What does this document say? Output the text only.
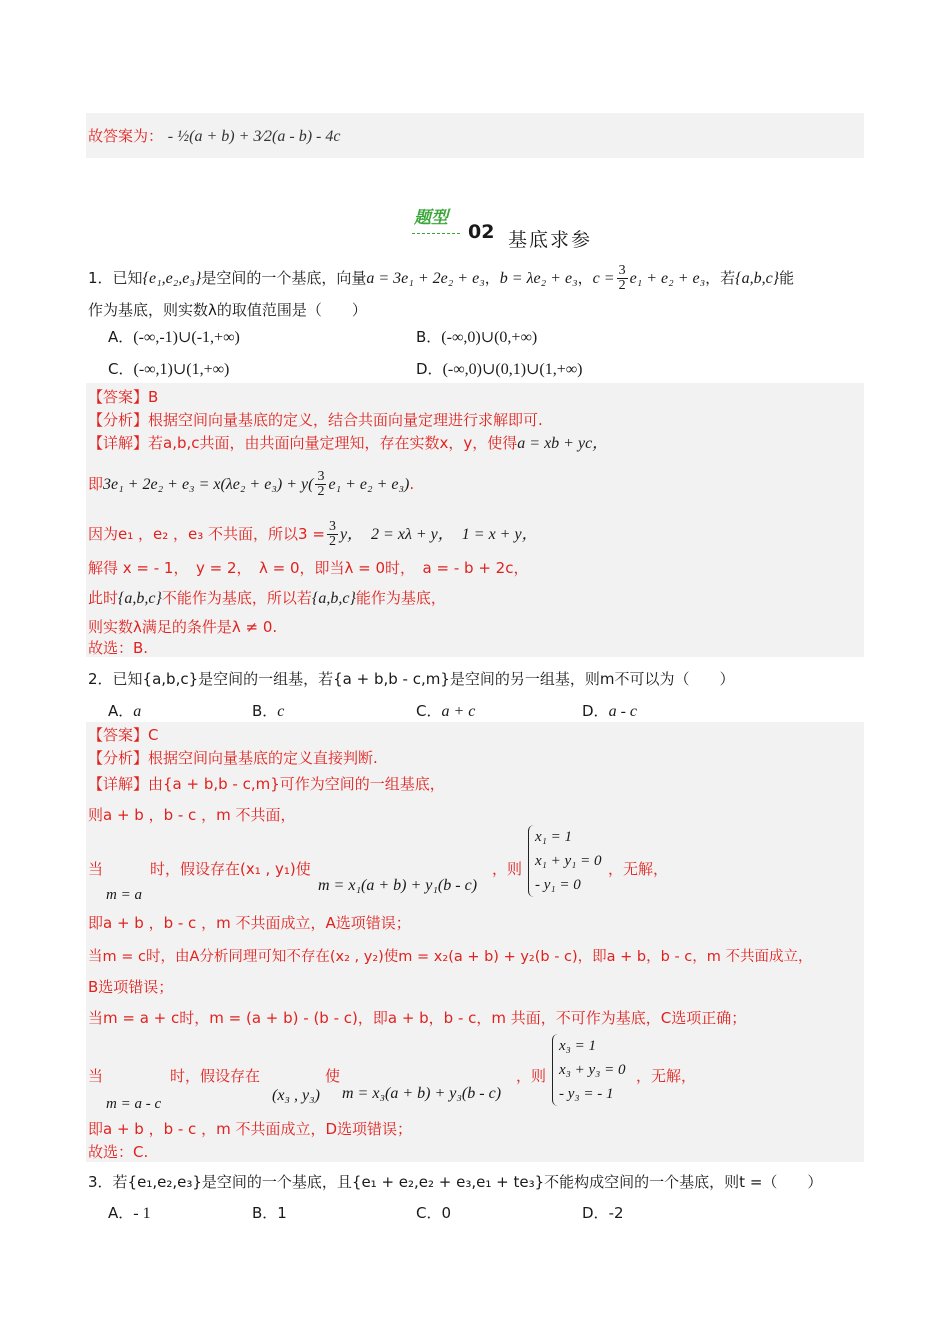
故答案为： - ½(a + b) + 3⁄2(a - b) - 4c
题型
02 基底求参
1．已知{e₁,e₂,e₃}是空间的一个基底，向量a = 3e₁ + 2e₂ + e₃，b = λe₂ + e₃，$c = \frac{3}{2} e_1 + e_2 + e_3$，若{a,b,c}能
作为基底，则实数λ的取值范围是（　　）
A．(-∞,-1)∪(-1,+∞)	B．(-∞,0)∪(0,+∞)
C．(-∞,1)∪(1,+∞)	D．(-∞,0)∪(0,1)∪(1,+∞)
【答案】B
【分析】根据空间向量基底的定义，结合共面向量定理进行求解即可.
【详解】若a,b,c共面，由共面向量定理知，存在实数x，y，使得a = xb + yc，
即$3e_1 + 2e_2 + e_3 = x(\lambda e_2 + e_3) + y( \frac{3}{2} e_1 + e_2 + e_3)$.
因为e₁ ，e₂ ，e₃ 不共面，所以$3 = \frac{3}{2}$ y，　2 = xλ + y，　1 = x + y，
解得 x = - 1，　y = 2，　λ = 0，即当λ = 0时，　a = - b + 2c，
此时{a,b,c}不能作为基底，所以若{a,b,c}能作为基底，
则实数λ满足的条件是λ ≠ 0.
故选：B.
2．已知{a,b,c}是空间的一组基，若{a + b,b - c,m}是空间的另一组基，则m不可以为（　　）
A．a	B．c	C．a + c	D．a - c
【答案】C
【分析】根据空间向量基底的定义直接判断.
【详解】由{a + b,b - c,m}可作为空间的一组基底，
则a + b ，b - c ，m 不共面，
当
m = a
时，假设存在(x₁ , y₁)使
m = x₁(a + b) + y₁(b - c)
，则
x₁ = 1
x₁ + y₁ = 0
- y₁ = 0
，无解，
即a + b ，b - c ，m 不共面成立，A选项错误；
当m = c时，由A分析同理可知不存在(x₂ , y₂)使m = x₂(a + b) + y₂(b - c)，即a + b，b - c，m 不共面成立，
B选项错误；
当m = a + c时，m = (a + b) - (b - c)，即a + b，b - c，m 共面，不可作为基底，C选项正确；
当
m = a - c
时，假设存在
(x₃ , y₃)
使
m = x₃(a + b) + y₃(b - c)
，则
x₃ = 1
x₃ + y₃ = 0
- y₃ = - 1
，无解，
即a + b ，b - c ，m 不共面成立，D选项错误；
故选：C.
3．若{e₁,e₂,e₃}是空间的一个基底，且{e₁ + e₂,e₂ + e₃,e₁ + te₃}不能构成空间的一个基底，则t =（　　）
A．- 1	B．1	C．0	D．-2
